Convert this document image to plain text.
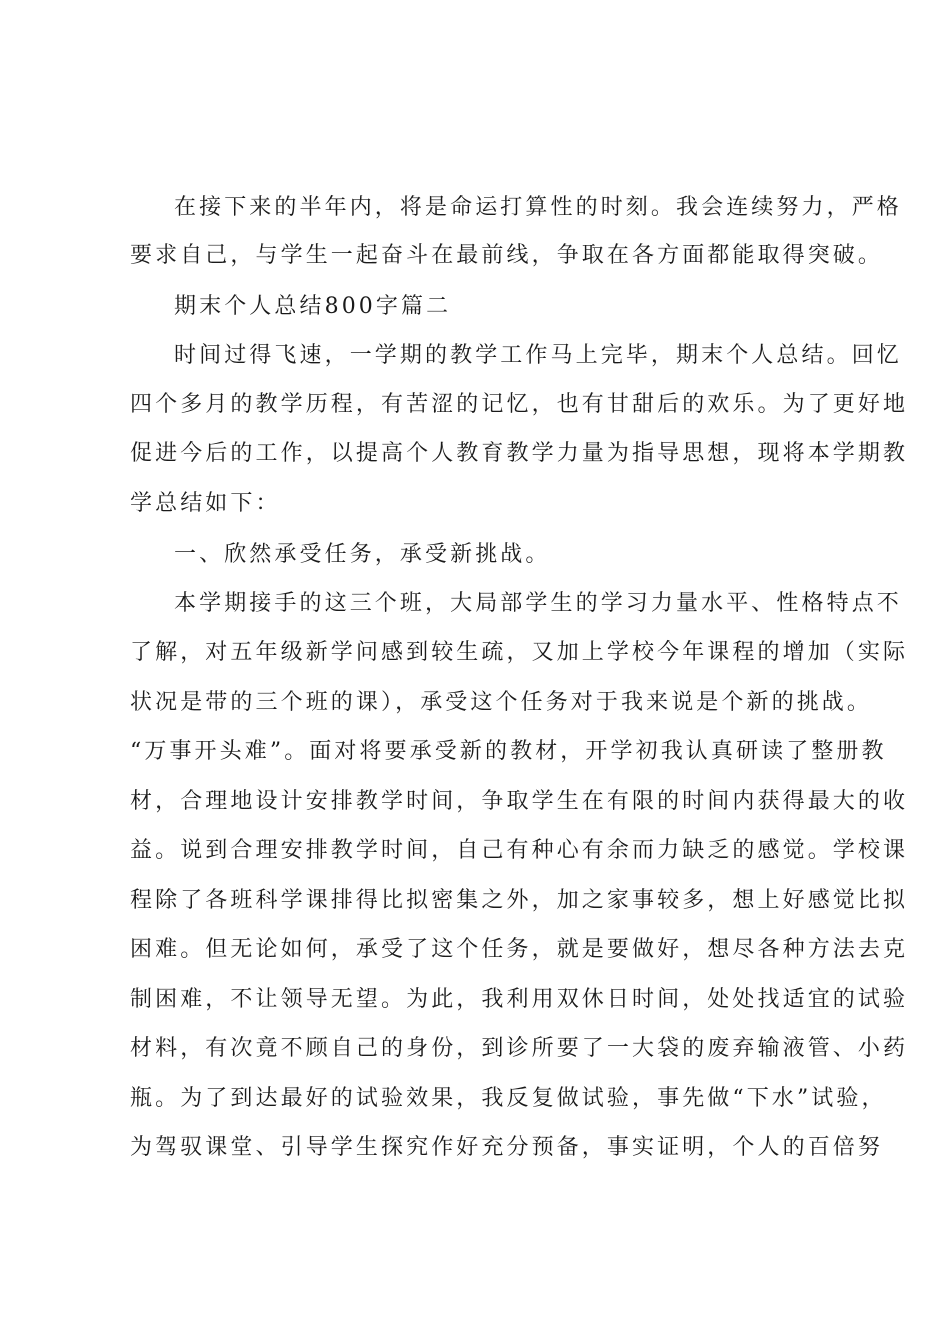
在接下来的半年内，将是命运打算性的时刻。我会连续努力，严格
要求自己，与学生一起奋斗在最前线，争取在各方面都能取得突破。
期末个人总结800字篇二
时间过得飞速，一学期的教学工作马上完毕，期末个人总结。回忆
四个多月的教学历程，有苦涩的记忆，也有甘甜后的欢乐。为了更好地
促进今后的工作，以提高个人教育教学力量为指导思想，现将本学期教
学总结如下：
一、欣然承受任务，承受新挑战。
本学期接手的这三个班，大局部学生的学习力量水平、性格特点不
了解，对五年级新学问感到较生疏，又加上学校今年课程的增加（实际
状况是带的三个班的课），承受这个任务对于我来说是个新的挑战。
“万事开头难”。面对将要承受新的教材，开学初我认真研读了整册教
材，合理地设计安排教学时间，争取学生在有限的时间内获得最大的收
益。说到合理安排教学时间，自己有种心有余而力缺乏的感觉。学校课
程除了各班科学课排得比拟密集之外，加之家事较多，想上好感觉比拟
困难。但无论如何，承受了这个任务，就是要做好，想尽各种方法去克
制困难，不让领导无望。为此，我利用双休日时间，处处找适宜的试验
材料，有次竟不顾自己的身份，到诊所要了一大袋的废弃输液管、小药
瓶。为了到达最好的试验效果，我反复做试验，事先做“下水”试验，
为驾驭课堂、引导学生探究作好充分预备，事实证明，个人的百倍努
